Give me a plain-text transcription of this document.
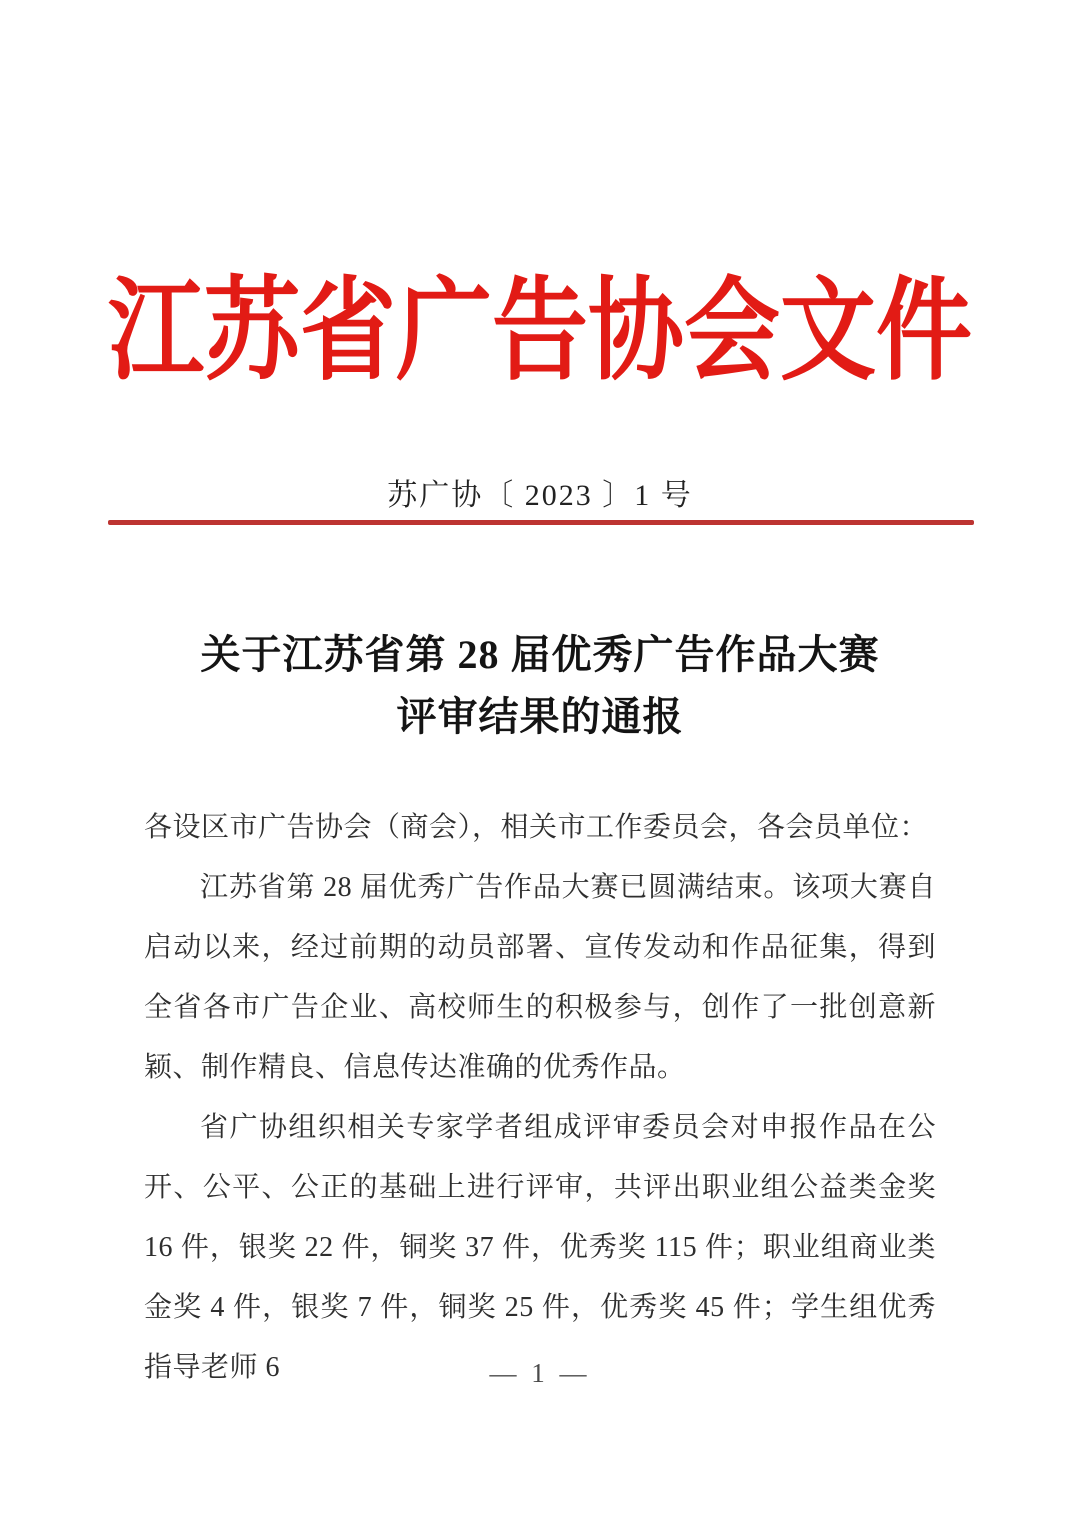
江苏省广告协会文件
苏广协〔 2023 〕1 号
关于江苏省第 28 届优秀广告作品大赛
评审结果的通报

各设区市广告协会（商会），相关市工作委员会，各会员单位：

江苏省第 28 届优秀广告作品大赛已圆满结束。该项大赛自启动以来，经过前期的动员部署、宣传发动和作品征集，得到全省各市广告企业、高校师生的积极参与，创作了一批创意新颖、制作精良、信息传达准确的优秀作品。

省广协组织相关专家学者组成评审委员会对申报作品在公开、公平、公正的基础上进行评审，共评出职业组公益类金奖 16 件，银奖 22 件，铜奖 37 件，优秀奖 115 件；职业组商业类金奖 4 件，银奖 7 件，铜奖 25 件，优秀奖 45 件；学生组优秀指导老师 6	— 1 —
